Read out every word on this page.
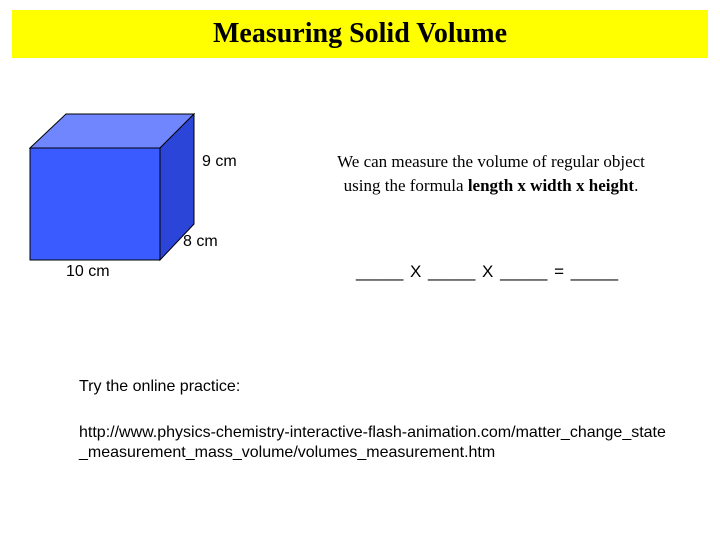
Measuring Solid Volume
9 cm
8 cm
10 cm
We can measure the volume of regular object
using the formula length x width x height.
_____ X _____ X _____ = _____
Try the online practice:
http://www.physics-chemistry-interactive-flash-animation.com/matter_change_state_measurement_mass_volume/volumes_measurement.htm
